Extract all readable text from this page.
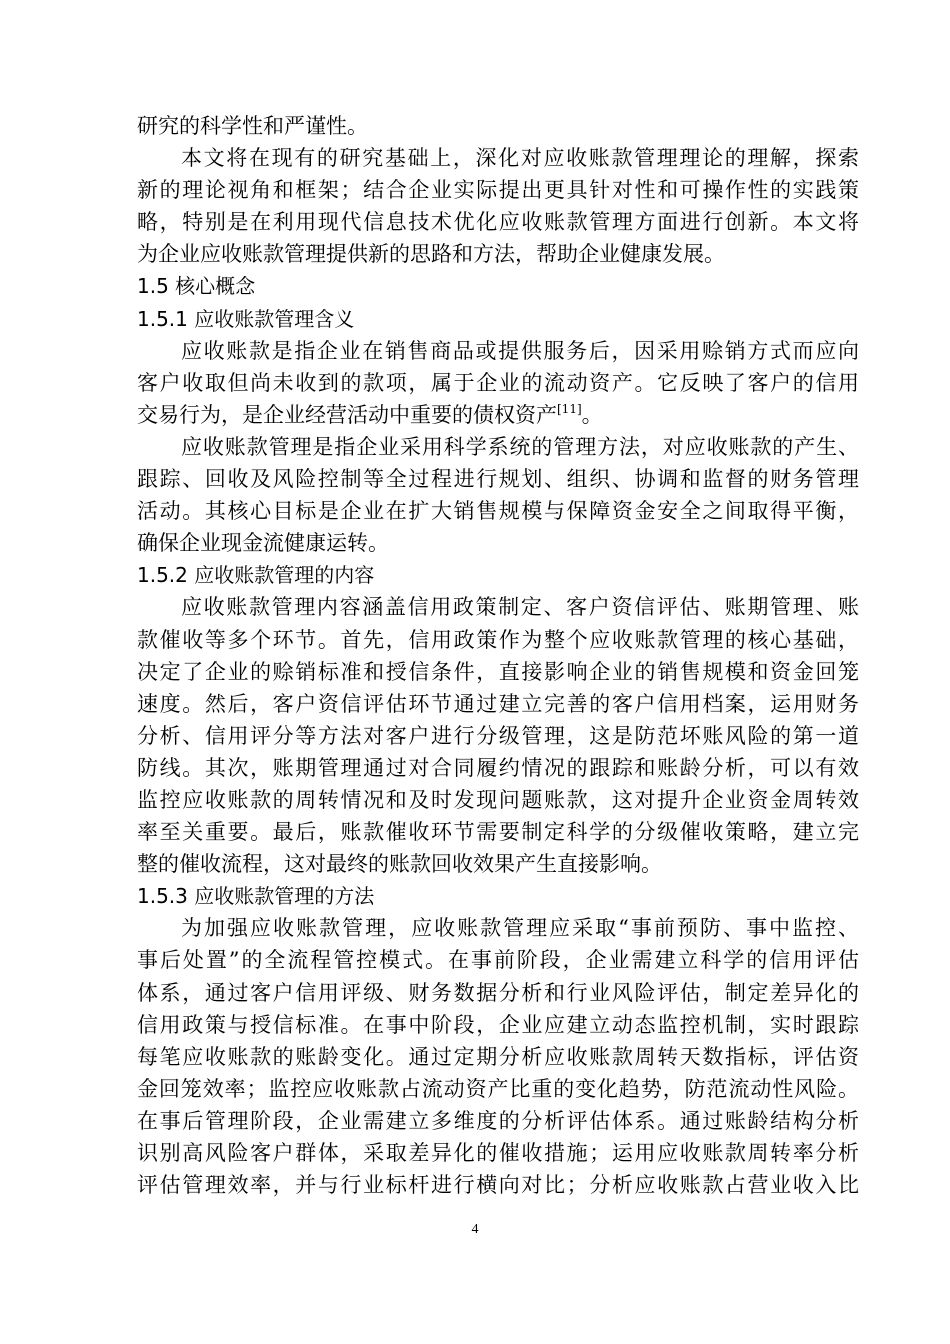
研究的科学性和严谨性。
本文将在现有的研究基础上，深化对应收账款管理理论的理解，探索
新的理论视角和框架；结合企业实际提出更具针对性和可操作性的实践策
略，特别是在利用现代信息技术优化应收账款管理方面进行创新。本文将
为企业应收账款管理提供新的思路和方法，帮助企业健康发展。
1.5 核心概念
1.5.1 应收账款管理含义
应收账款是指企业在销售商品或提供服务后，因采用赊销方式而应向
客户收取但尚未收到的款项，属于企业的流动资产。它反映了客户的信用
交易行为，是企业经营活动中重要的债权资产[11]。
应收账款管理是指企业采用科学系统的管理方法，对应收账款的产生、
跟踪、回收及风险控制等全过程进行规划、组织、协调和监督的财务管理
活动。其核心目标是企业在扩大销售规模与保障资金安全之间取得平衡，
确保企业现金流健康运转。
1.5.2 应收账款管理的内容
应收账款管理内容涵盖信用政策制定、客户资信评估、账期管理、账
款催收等多个环节。首先，信用政策作为整个应收账款管理的核心基础，
决定了企业的赊销标准和授信条件，直接影响企业的销售规模和资金回笼
速度。然后，客户资信评估环节通过建立完善的客户信用档案，运用财务
分析、信用评分等方法对客户进行分级管理，这是防范坏账风险的第一道
防线。其次，账期管理通过对合同履约情况的跟踪和账龄分析，可以有效
监控应收账款的周转情况和及时发现问题账款，这对提升企业资金周转效
率至关重要。最后，账款催收环节需要制定科学的分级催收策略，建立完
整的催收流程，这对最终的账款回收效果产生直接影响。
1.5.3 应收账款管理的方法
为加强应收账款管理，应收账款管理应采取“事前预防、事中监控、
事后处置”的全流程管控模式。在事前阶段，企业需建立科学的信用评估
体系，通过客户信用评级、财务数据分析和行业风险评估，制定差异化的
信用政策与授信标准。在事中阶段，企业应建立动态监控机制，实时跟踪
每笔应收账款的账龄变化。通过定期分析应收账款周转天数指标，评估资
金回笼效率；监控应收账款占流动资产比重的变化趋势，防范流动性风险。
在事后管理阶段，企业需建立多维度的分析评估体系。通过账龄结构分析
识别高风险客户群体，采取差异化的催收措施；运用应收账款周转率分析
评估管理效率，并与行业标杆进行横向对比；分析应收账款占营业收入比
4
